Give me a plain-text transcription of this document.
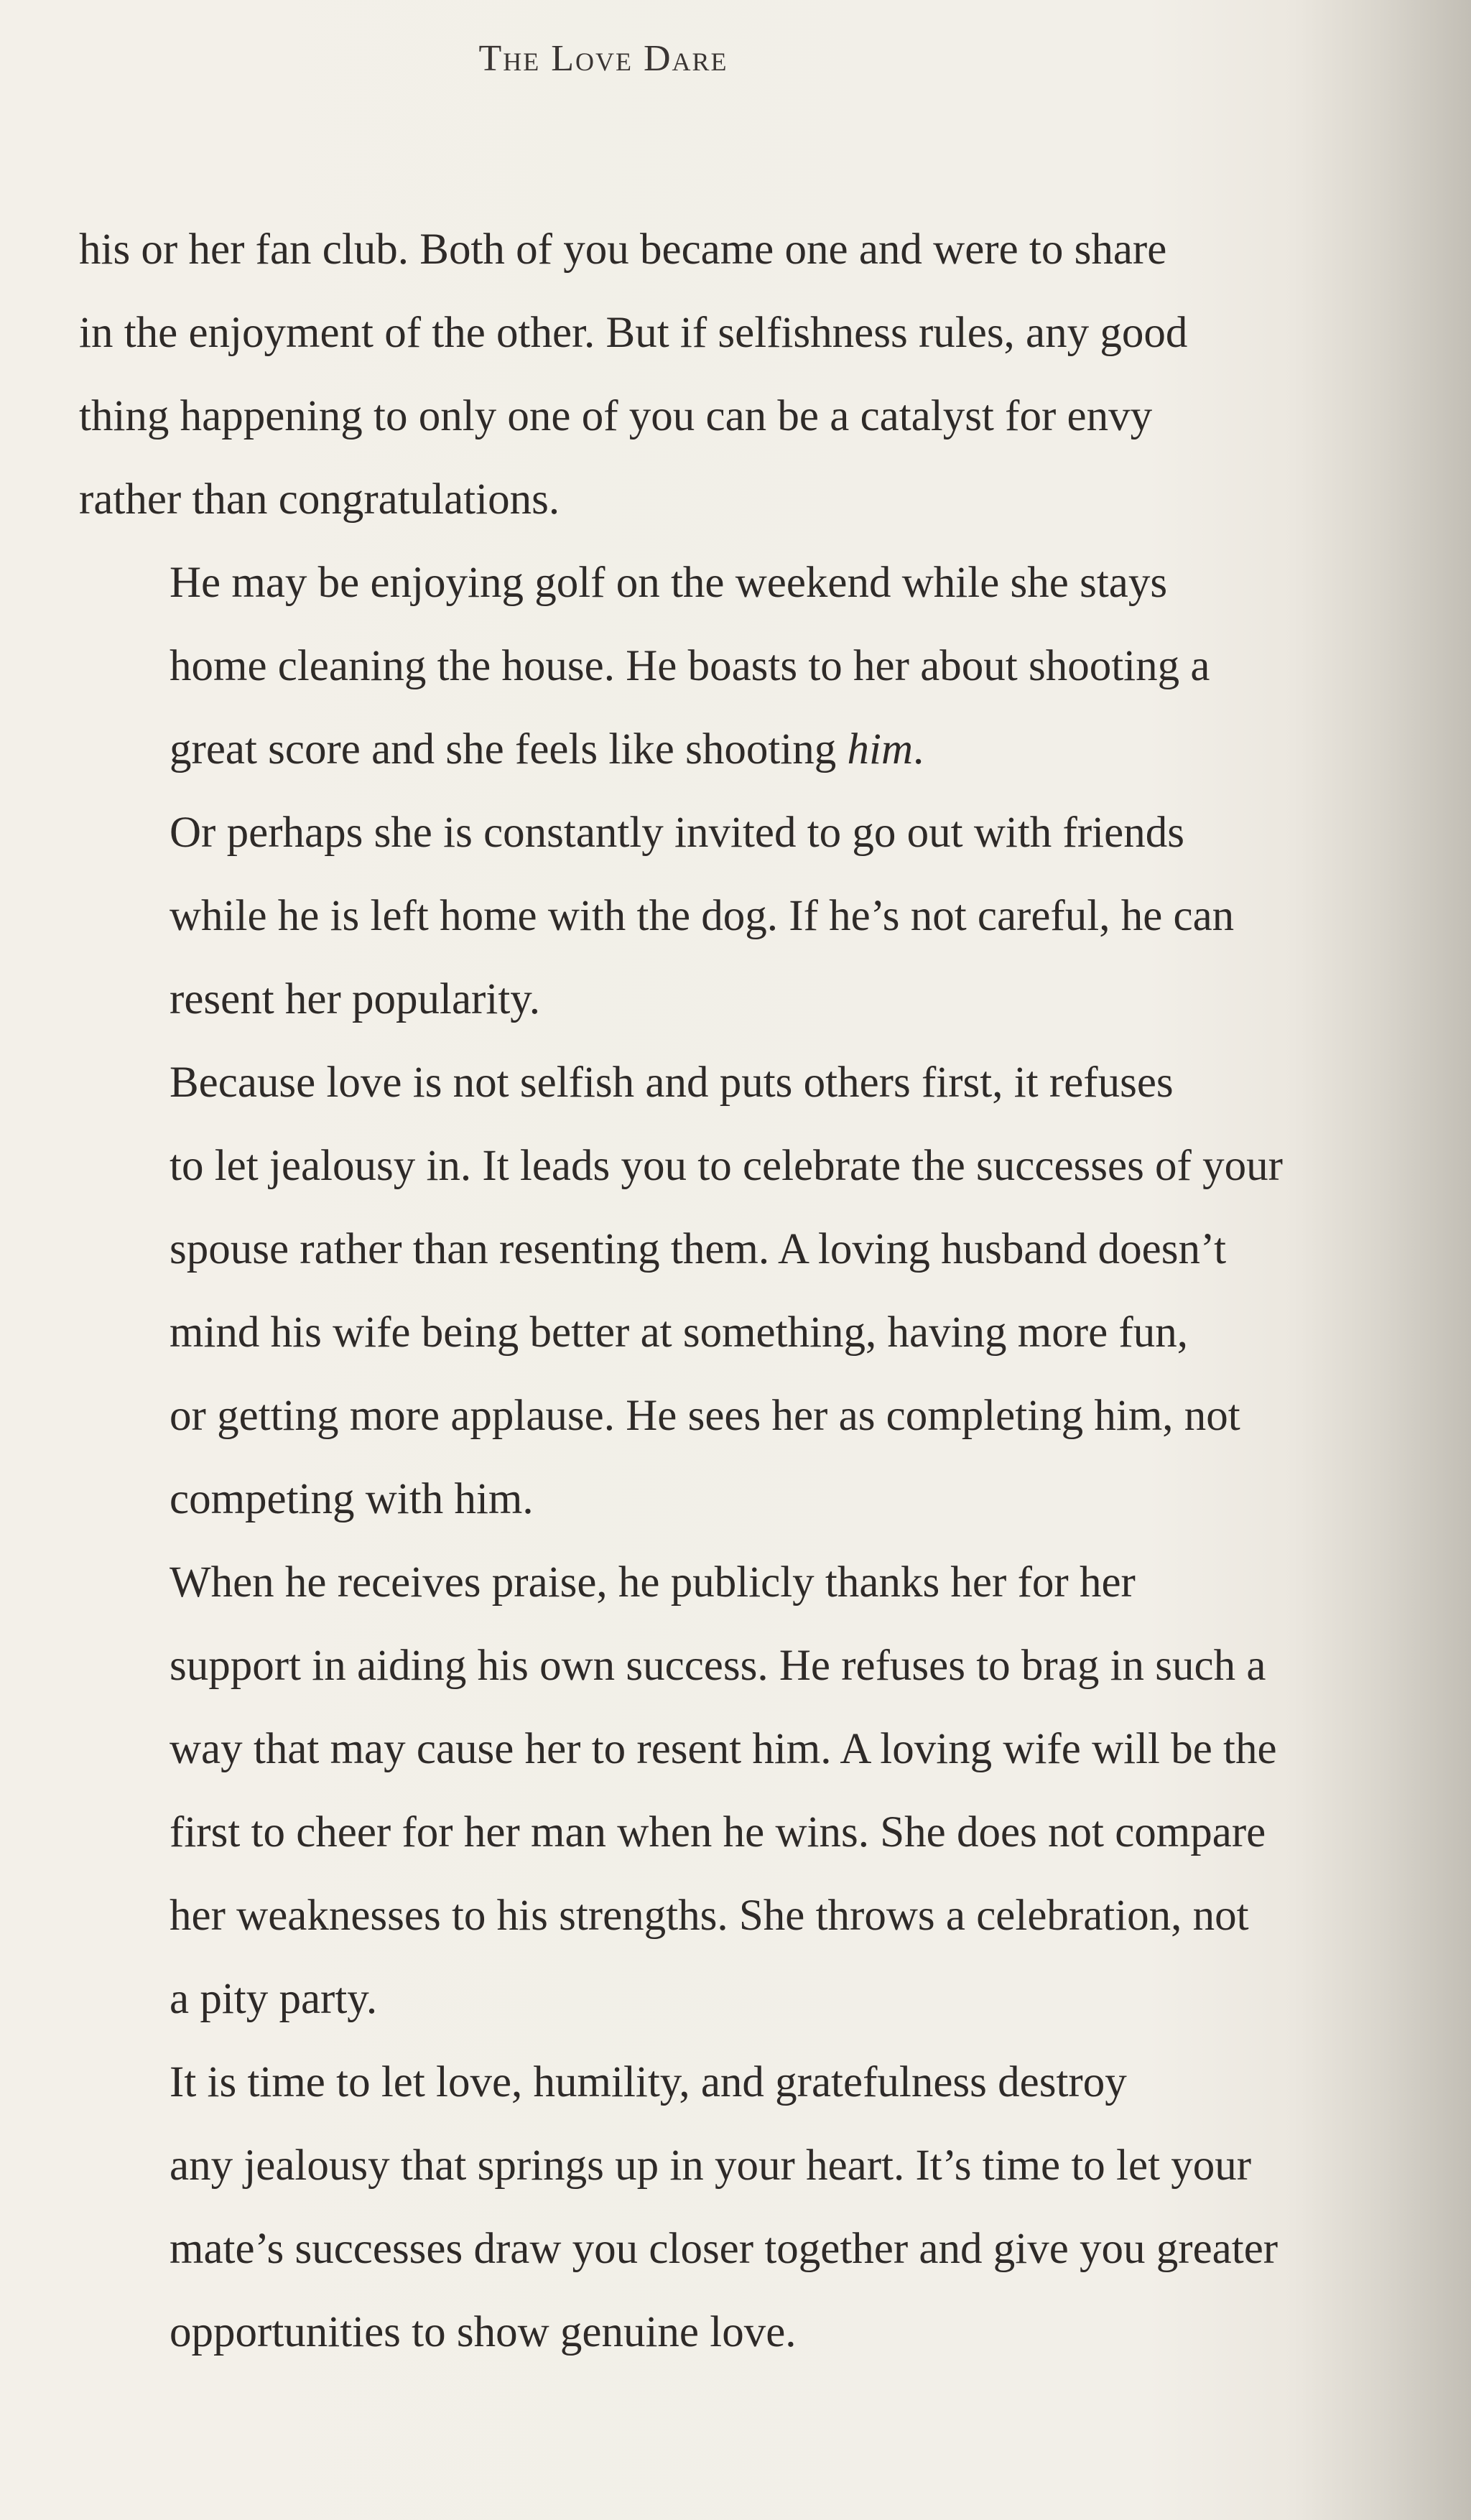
The Love Dare

his or her fan club. Both of you became one and were to share
in the enjoyment of the other. But if selfishness rules, any good
thing happening to only one of you can be a catalyst for envy
rather than congratulations.

He may be enjoying golf on the weekend while she stays
home cleaning the house. He boasts to her about shooting a
great score and she feels like shooting him.

Or perhaps she is constantly invited to go out with friends
while he is left home with the dog. If he’s not careful, he can
resent her popularity.

Because love is not selfish and puts others first, it refuses
to let jealousy in. It leads you to celebrate the successes of your
spouse rather than resenting them. A loving husband doesn’t
mind his wife being better at something, having more fun,
or getting more applause. He sees her as completing him, not
competing with him.

When he receives praise, he publicly thanks her for her
support in aiding his own success. He refuses to brag in such a
way that may cause her to resent him. A loving wife will be the
first to cheer for her man when he wins. She does not compare
her weaknesses to his strengths. She throws a celebration, not
a pity party.

It is time to let love, humility, and gratefulness destroy
any jealousy that springs up in your heart. It’s time to let your
mate’s successes draw you closer together and give you greater
opportunities to show genuine love.
